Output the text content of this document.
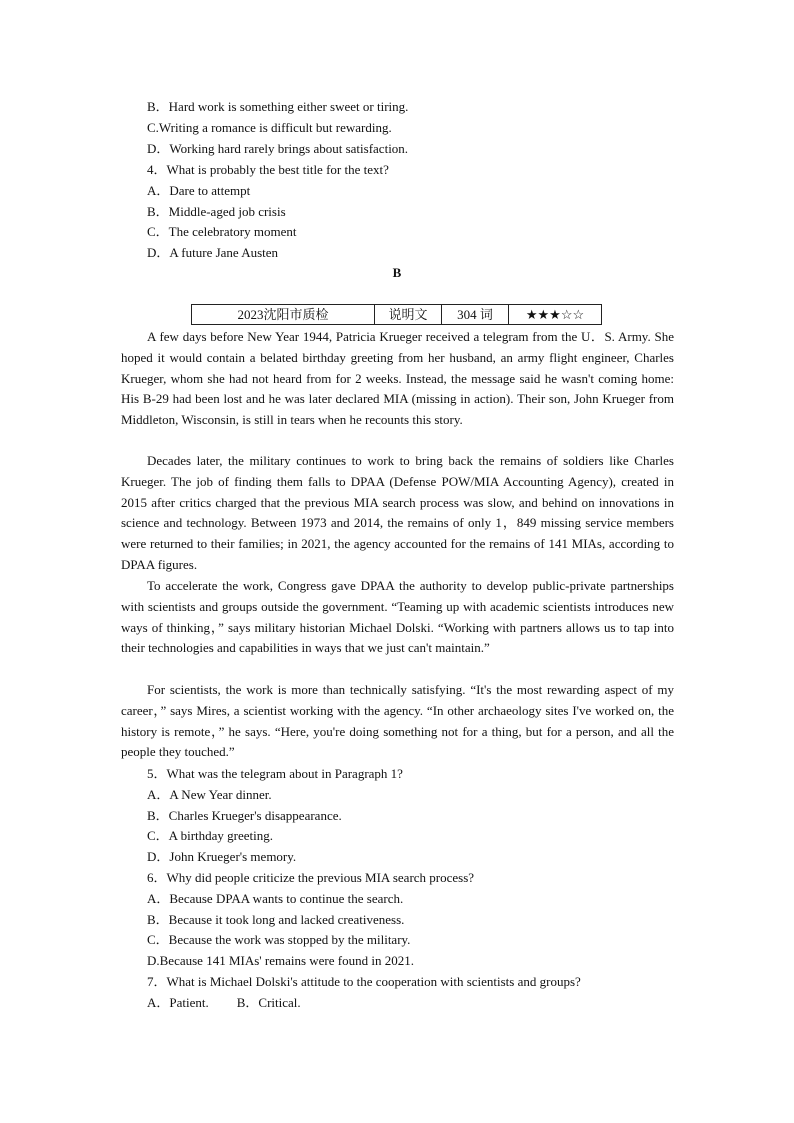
B．Hard work is something either sweet or tiring.
C.Writing a romance is difficult but rewarding.
D．Working hard rarely brings about satisfaction.
4．What is probably the best title for the text?
A．Dare to attempt
B．Middle-aged job crisis
C．The celebratory moment
D．A future Jane Austen
B
2023沈阳市质检	说明文	304 词	★★★☆☆

A few days before New Year 1944, Patricia Krueger received a telegram from the U．S. Army. She hoped it would contain a belated birthday greeting from her husband, an army flight engineer, Charles Krueger, whom she had not heard from for 2 weeks. Instead, the message said he wasn't coming home: His B-29 had been lost and he was later declared MIA (missing in action). Their son, John Krueger from Middleton, Wisconsin, is still in tears when he recounts this story.

Decades later, the military continues to work to bring back the remains of soldiers like Charles Krueger. The job of finding them falls to DPAA (Defense POW/MIA Accounting Agency), created in 2015 after critics charged that the previous MIA search process was slow, and behind on innovations in science and technology. Between 1973 and 2014, the remains of only 1，849 missing service members were returned to their families; in 2021, the agency accounted for the remains of 141 MIAs, according to DPAA figures.

To accelerate the work, Congress gave DPAA the authority to develop public-private partnerships with scientists and groups outside the government. “Teaming up with academic scientists introduces new ways of thinking，” says military historian Michael Dolski. “Working with partners allows us to tap into their technologies and capabilities in ways that we just can't maintain.”

For scientists, the work is more than technically satisfying. “It's the most rewarding aspect of my career，” says Mires, a scientist working with the agency. “In other archaeology sites I've worked on, the history is remote，” he says. “Here, you're doing something not for a thing, but for a person, and all the people they touched.”

5．What was the telegram about in Paragraph 1?
A．A New Year dinner.
B．Charles Krueger's disappearance.
C．A birthday greeting.
D．John Krueger's memory.
6．Why did people criticize the previous MIA search process?
A．Because DPAA wants to continue the search.
B．Because it took long and lacked creativeness.
C．Because the work was stopped by the military.
D.Because 141 MIAs' remains were found in 2021.
7．What is Michael Dolski's attitude to the cooperation with scientists and groups?
A．Patient. B．Critical.
